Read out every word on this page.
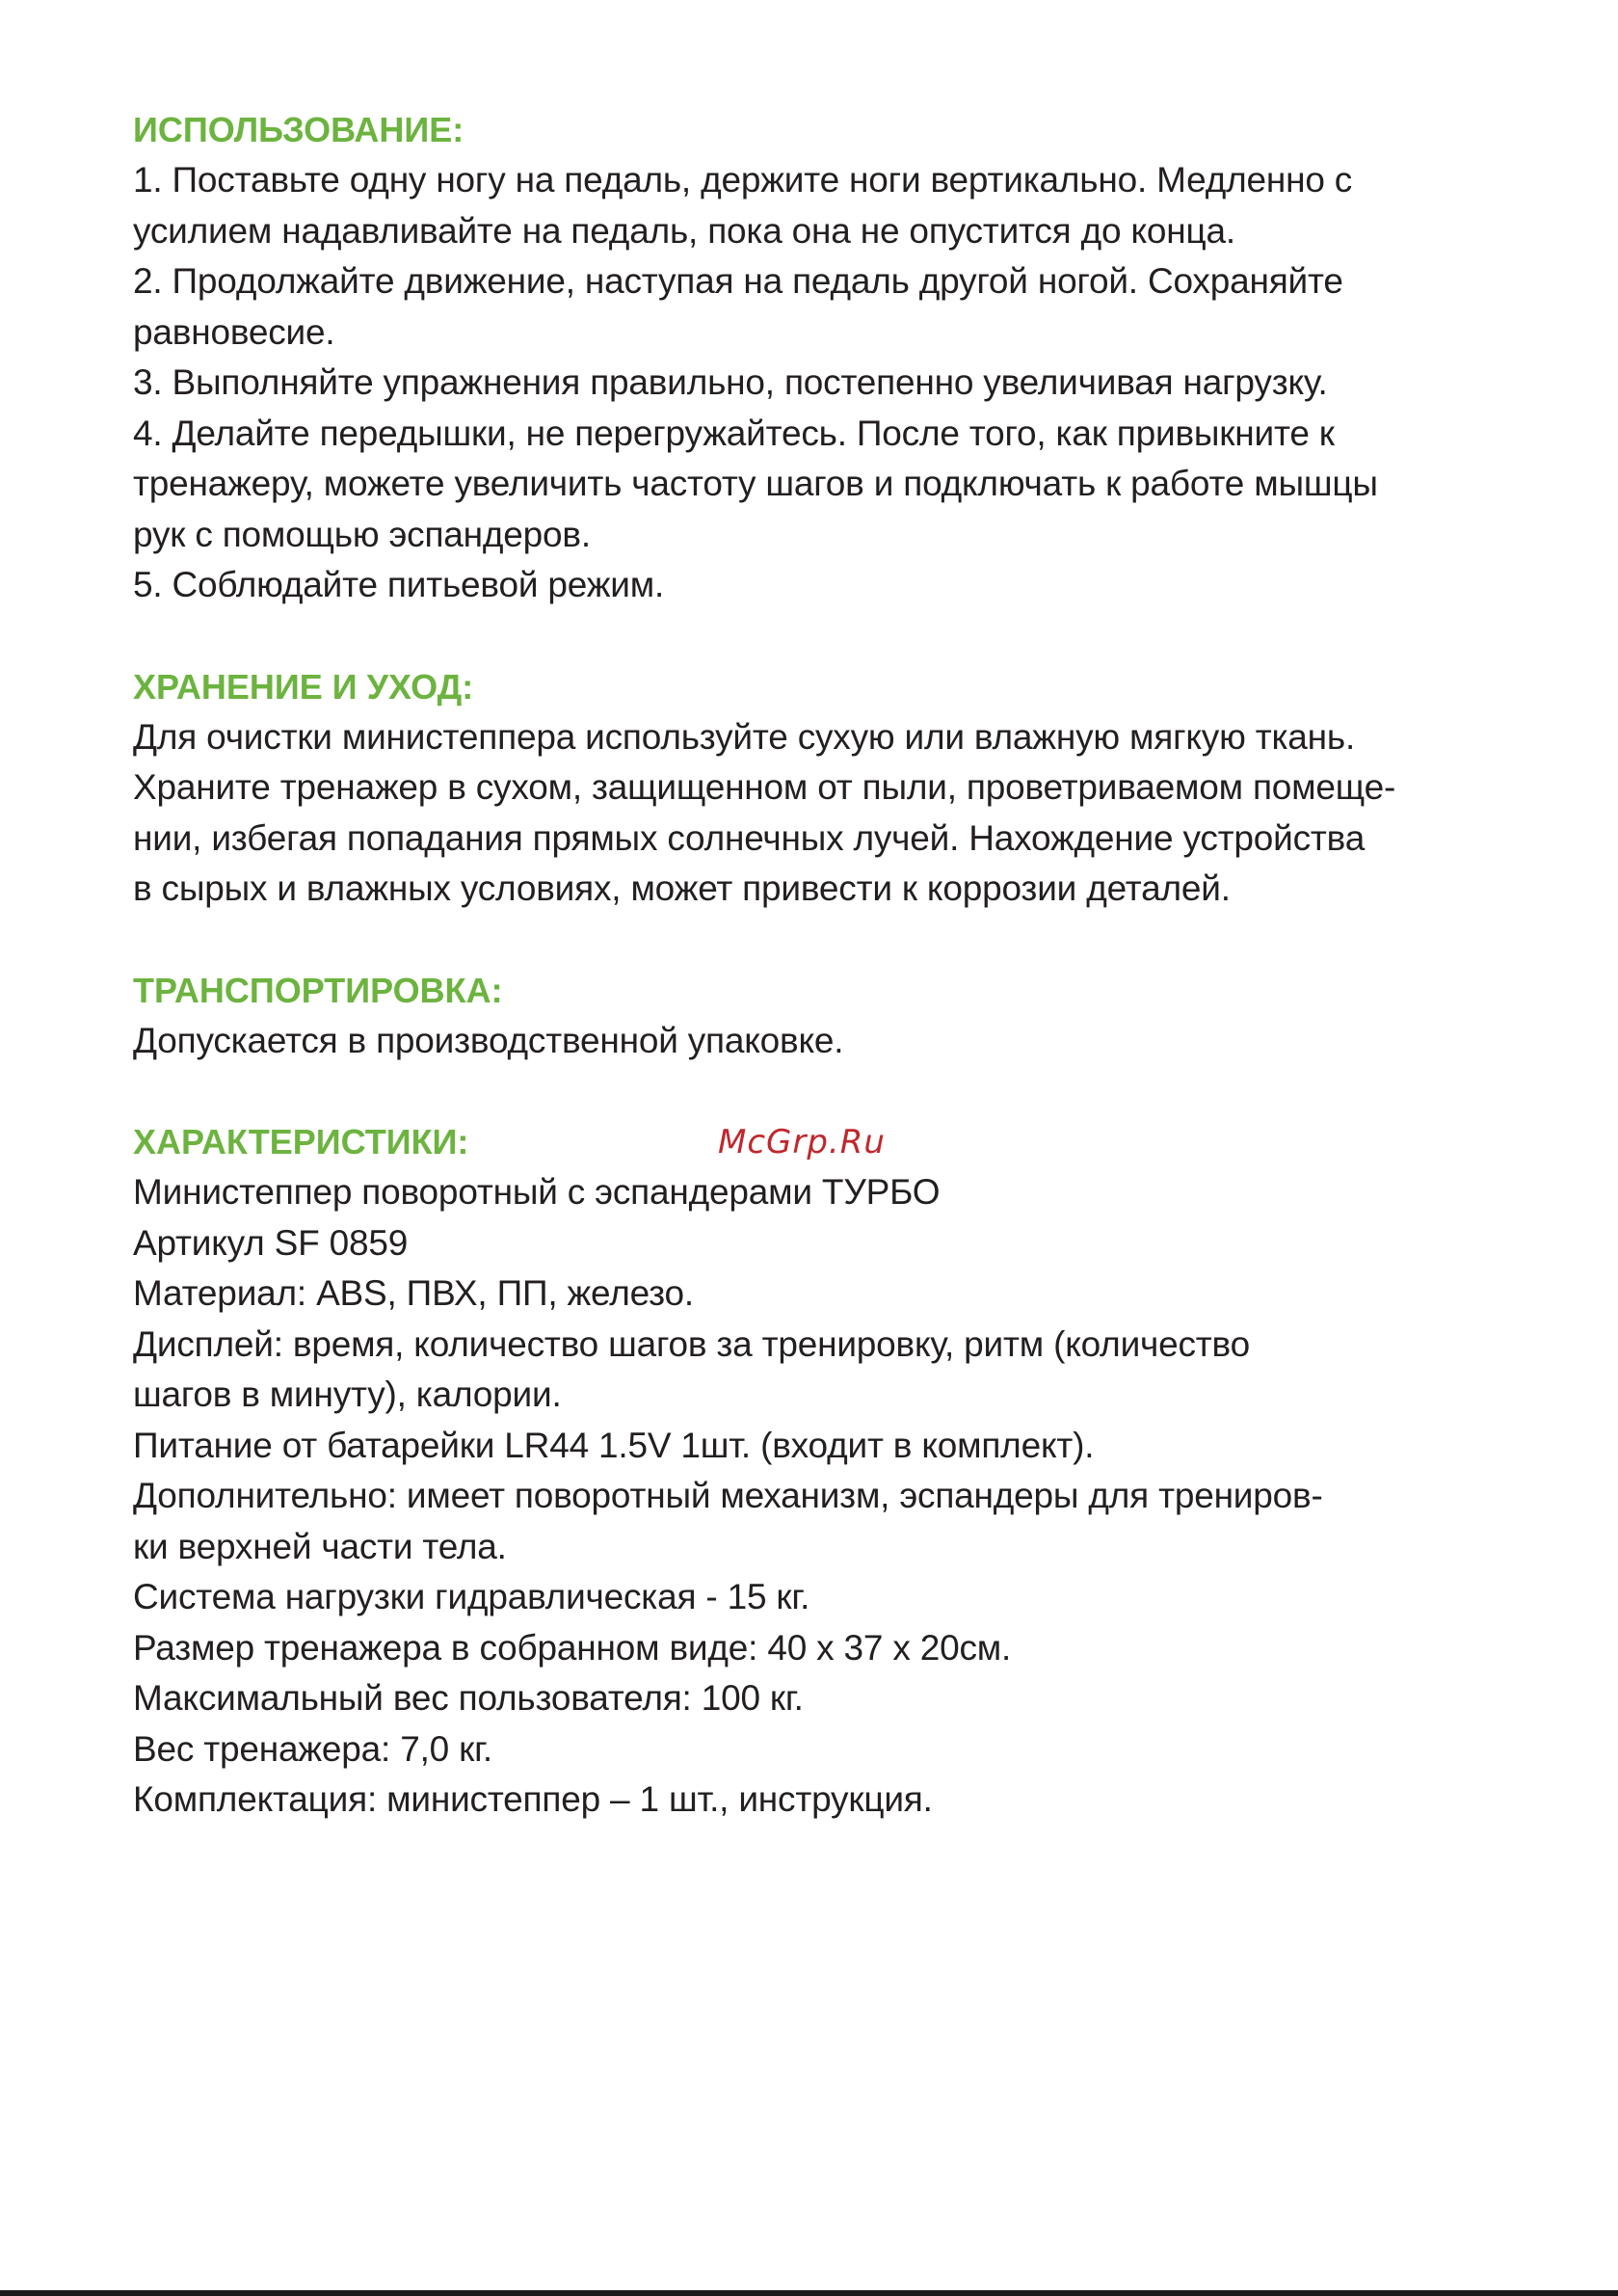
ИСПОЛЬЗОВАНИЕ:

1. Поставьте одну ногу на педаль, держите ноги вертикально. Медленно с

усилием надавливайте на педаль, пока она не опустится до конца.

2. Продолжайте движение, наступая на педаль другой ногой. Сохраняйте

равновесие.

3. Выполняйте упражнения правильно, постепенно увеличивая нагрузку.

4. Делайте передышки, не перегружайтесь. После того, как привыкните к

тренажеру, можете увеличить частоту шагов и подключать к работе мышцы

рук с помощью эспандеров.

5. Соблюдайте питьевой режим.

ХРАНЕНИЕ И УХОД:

Для очистки министеппера используйте сухую или влажную мягкую ткань.

Храните тренажер в сухом, защищенном от пыли, проветриваемом помеще-

нии, избегая попадания прямых солнечных лучей. Нахождение устройства

в сырых и влажных условиях, может привести к коррозии деталей.

ТРАНСПОРТИРОВКА:

Допускается в производственной упаковке.

ХАРАКТЕРИСТИКИ:

Министеппер поворотный с эспандерами ТУРБО

Артикул SF 0859

Материал: ABS, ПВХ, ПП, железо.

Дисплей: время, количество шагов за тренировку, ритм (количество

шагов в минуту), калории.

Питание от батарейки LR44 1.5V 1шт. (входит в комплект).

Дополнительно: имеет поворотный механизм, эспандеры для трениров-

ки верхней части тела.

Система нагрузки гидравлическая - 15 кг.

Размер тренажера в собранном виде: 40 х 37 х 20см.

Максимальный вес пользователя: 100 кг.

Вес тренажера: 7,0 кг.

Комплектация: министеппер – 1 шт., инструкция.

McGrp.Ru
